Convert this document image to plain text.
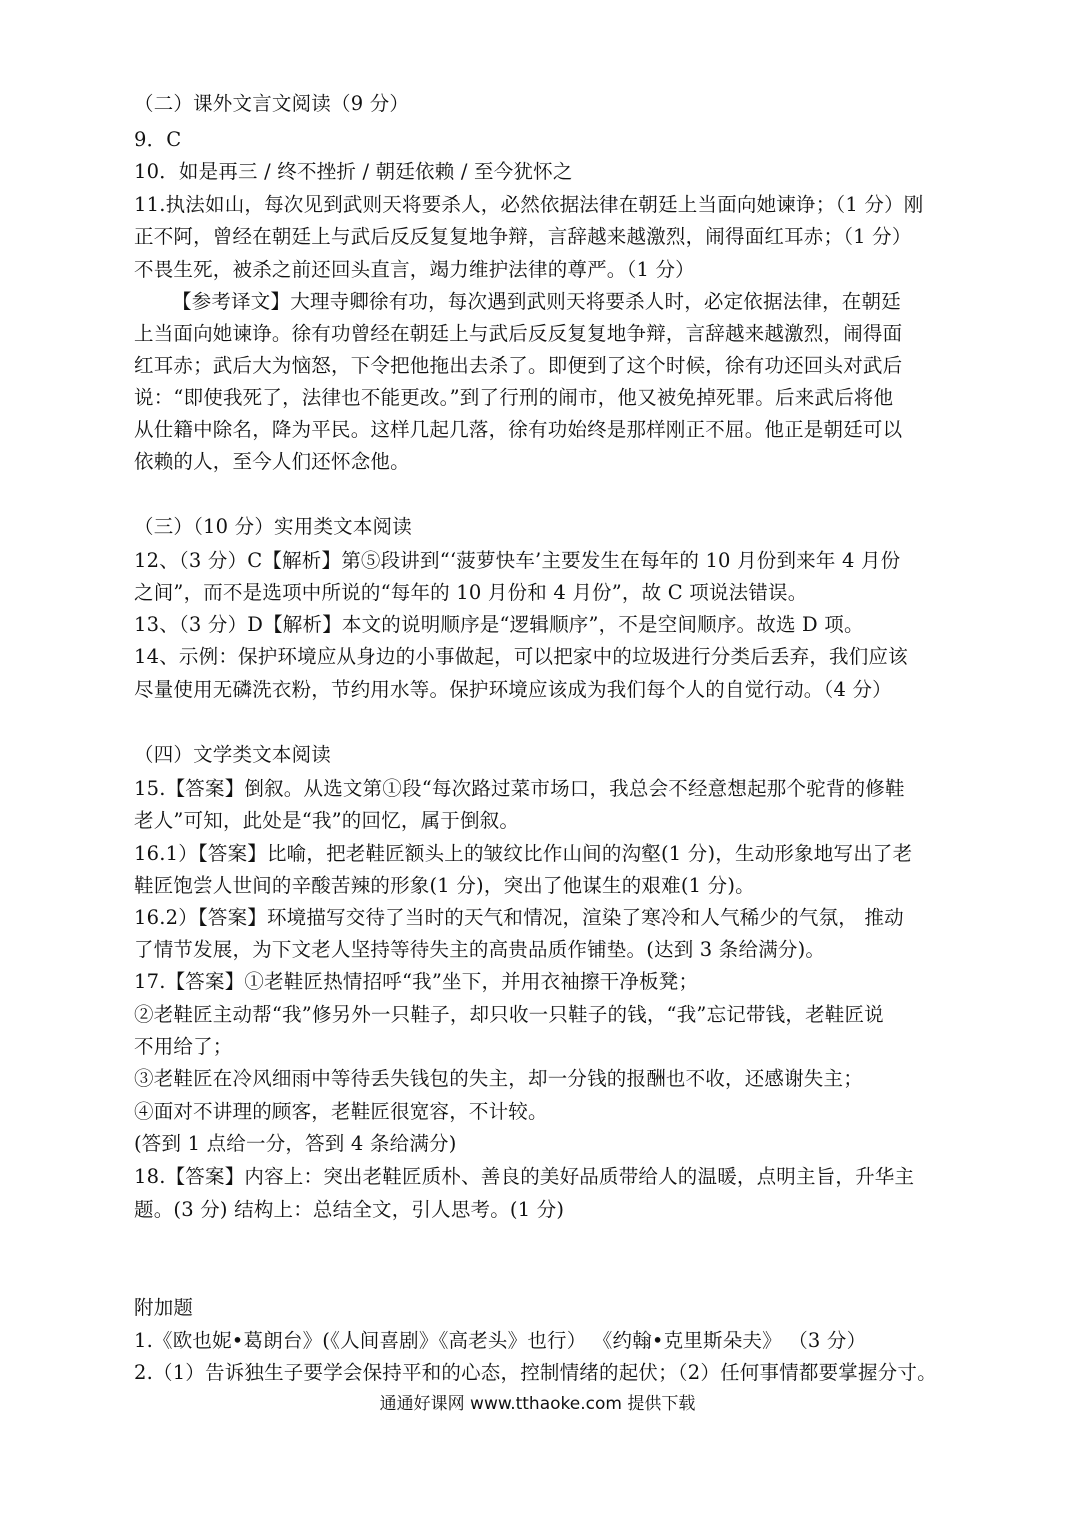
（二）课外文言文阅读（9 分）
9．C
10．如是再三 / 终不挫折 / 朝廷依赖 / 至今犹怀之
11.执法如山，每次见到武则天将要杀人，必然依据法律在朝廷上当面向她谏诤；（1 分）刚
正不阿，曾经在朝廷上与武后反反复复地争辩，言辞越来越激烈，闹得面红耳赤；（1 分）
不畏生死，被杀之前还回头直言，竭力维护法律的尊严。（1 分）
【参考译文】大理寺卿徐有功，每次遇到武则天将要杀人时，必定依据法律，在朝廷
上当面向她谏诤。徐有功曾经在朝廷上与武后反反复复地争辩，言辞越来越激烈，闹得面
红耳赤；武后大为恼怒，下令把他拖出去杀了。即便到了这个时候，徐有功还回头对武后
说：“即使我死了，法律也不能更改。”到了行刑的闹市，他又被免掉死罪。后来武后将他
从仕籍中除名，降为平民。这样几起几落，徐有功始终是那样刚正不屈。他正是朝廷可以
依赖的人，至今人们还怀念他。
（三）（10 分）实用类文本阅读
12、（3 分）C【解析】第⑤段讲到“‘菠萝快车’主要发生在每年的 10 月份到来年 4 月份
之间”，而不是选项中所说的“每年的 10 月份和 4 月份”，故 C 项说法错误。
13、（3 分）D【解析】本文的说明顺序是“逻辑顺序”，不是空间顺序。故选 D 项。
14、示例：保护环境应从身边的小事做起，可以把家中的垃圾进行分类后丢弃，我们应该
尽量使用无磷洗衣粉，节约用水等。保护环境应该成为我们每个人的自觉行动。（4 分）
（四）文学类文本阅读
15.【答案】倒叙。从选文第①段“每次路过菜市场口，我总会不经意想起那个驼背的修鞋
老人”可知，此处是“我”的回忆，属于倒叙。
16.1）【答案】比喻，把老鞋匠额头上的皱纹比作山间的沟壑(1 分)，生动形象地写出了老
鞋匠饱尝人世间的辛酸苦辣的形象(1 分)，突出了他谋生的艰难(1 分)。
16.2）【答案】环境描写交待了当时的天气和情况，渲染了寒冷和人气稀少的气氛， 推动
了情节发展，为下文老人坚持等待失主的高贵品质作铺垫。(达到 3 条给满分)。
17.【答案】①老鞋匠热情招呼“我”坐下，并用衣袖擦干净板凳；
②老鞋匠主动帮“我”修另外一只鞋子，却只收一只鞋子的钱，“我”忘记带钱，老鞋匠说
不用给了；
③老鞋匠在冷风细雨中等待丢失钱包的失主，却一分钱的报酬也不收，还感谢失主；
④面对不讲理的顾客，老鞋匠很宽容，不计较。
(答到 1 点给一分，答到 4 条给满分)
18.【答案】内容上：突出老鞋匠质朴、善良的美好品质带给人的温暖，点明主旨，升华主
题。(3 分) 结构上：总结全文，引人思考。(1 分)
附加题
1.《欧也妮•葛朗台》(《人间喜剧》《高老头》也行） 《约翰•克里斯朵夫》 （3 分）
2.（1）告诉独生子要学会保持平和的心态，控制情绪的起伏；（2）任何事情都要掌握分寸。
通通好课网 www.tthaoke.com 提供下载
